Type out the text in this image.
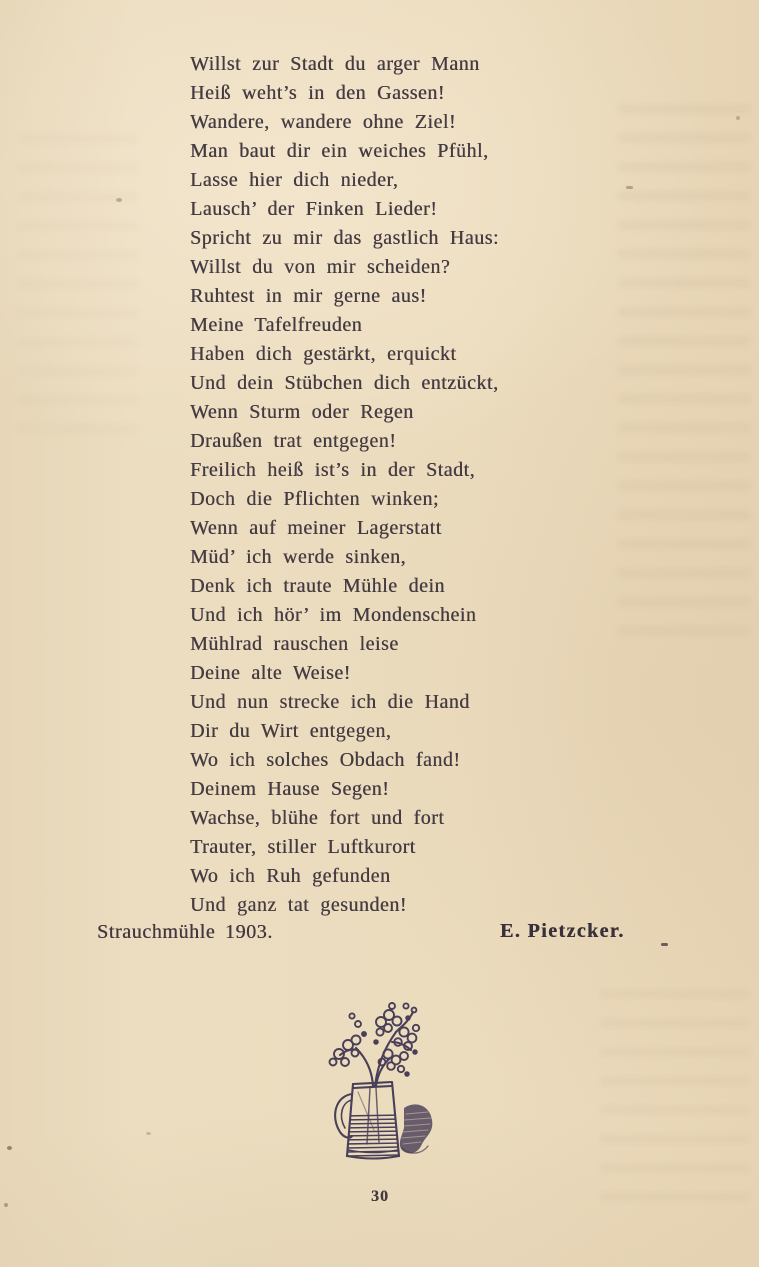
Willst zur Stadt du arger Mann
Heiß weht’s in den Gassen!
Wandere, wandere ohne Ziel!
Man baut dir ein weiches Pfühl,
Lasse hier dich nieder,
Lausch’ der Finken Lieder!
Spricht zu mir das gastlich Haus:
Willst du von mir scheiden?
Ruhtest in mir gerne aus!
Meine Tafelfreuden
Haben dich gestärkt, erquickt
Und dein Stübchen dich entzückt,
Wenn Sturm oder Regen
Draußen trat entgegen!
Freilich heiß ist’s in der Stadt,
Doch die Pflichten winken;
Wenn auf meiner Lagerstatt
Müd’ ich werde sinken,
Denk ich traute Mühle dein
Und ich hör’ im Mondenschein
Mühlrad rauschen leise
Deine alte Weise!
Und nun strecke ich die Hand
Dir du Wirt entgegen,
Wo ich solches Obdach fand!
Deinem Hause Segen!
Wachse, blühe fort und fort
Trauter, stiller Luftkurort
Wo ich Ruh gefunden
Und ganz tat gesunden!
Strauchmühle 1903.	E. Pietzcker.
30
